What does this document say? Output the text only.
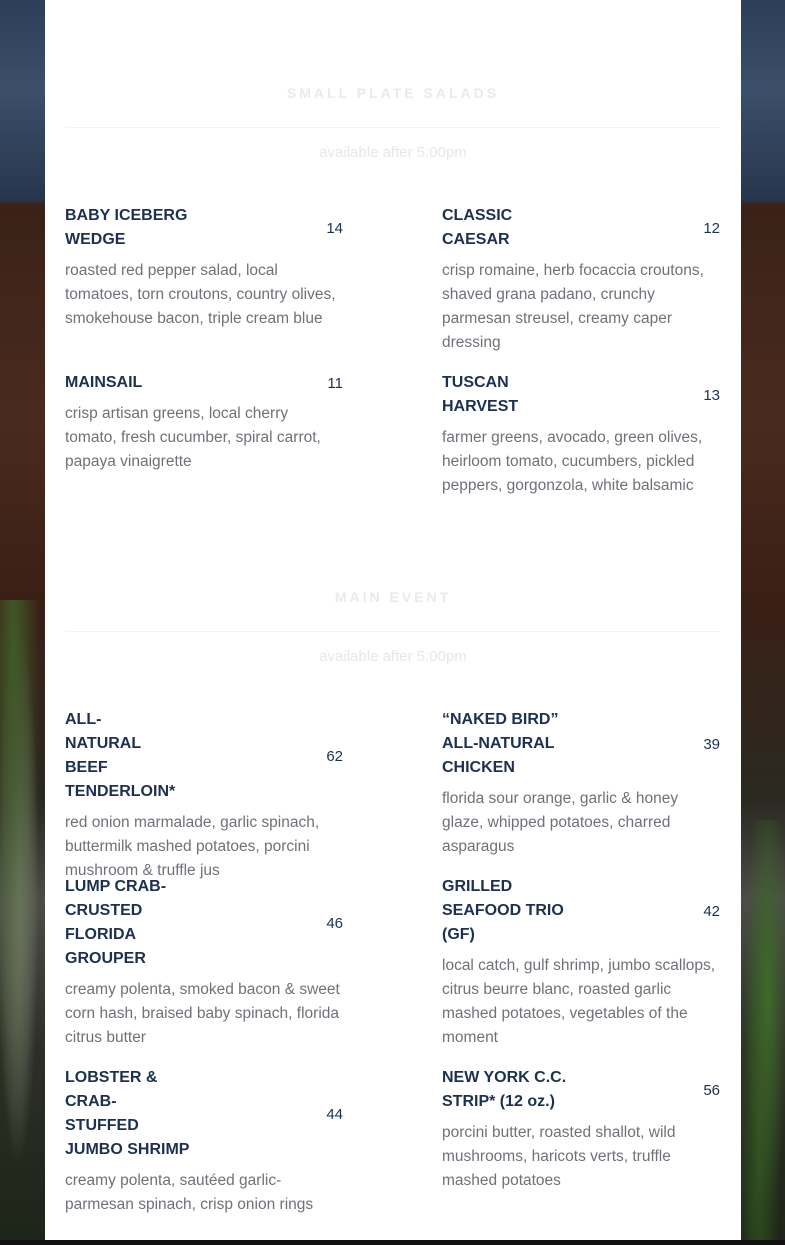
SMALL PLATE SALADS
available after 5:00pm
BABY ICEBERG WEDGE
14
roasted red pepper salad, local tomatoes, torn croutons, country olives, smokehouse bacon, triple cream blue
CLASSIC CAESAR
12
crisp romaine, herb focaccia croutons, shaved grana padano, crunchy parmesan streusel, creamy caper dressing
MAINSAIL	11
crisp artisan greens, local cherry tomato, fresh cucumber, spiral carrot, papaya vinaigrette
TUSCAN HARVEST
13
farmer greens, avocado, green olives, heirloom tomato, cucumbers, pickled peppers, gorgonzola, white balsamic
MAIN EVENT
available after 5:00pm
ALL-NATURAL BEEF TENDERLOIN*
62
red onion marmalade, garlic spinach, buttermilk mashed potatoes, porcini mushroom & truffle jus
“NAKED BIRD” ALL-NATURAL CHICKEN
39
florida sour orange, garlic & honey glaze, whipped potatoes, charred asparagus
LUMP CRAB-CRUSTED FLORIDA GROUPER
46
creamy polenta, smoked bacon & sweet corn hash, braised baby spinach, florida citrus butter
GRILLED SEAFOOD TRIO (GF)
42
local catch, gulf shrimp, jumbo scallops, citrus beurre blanc, roasted garlic mashed potatoes, vegetables of the moment
LOBSTER & CRAB-STUFFED JUMBO SHRIMP
44
creamy polenta, sautéed garlic-parmesan spinach, crisp onion rings
NEW YORK C.C. STRIP* (12 oz.)
56
porcini butter, roasted shallot, wild mushrooms, haricots verts, truffle mashed potatoes
